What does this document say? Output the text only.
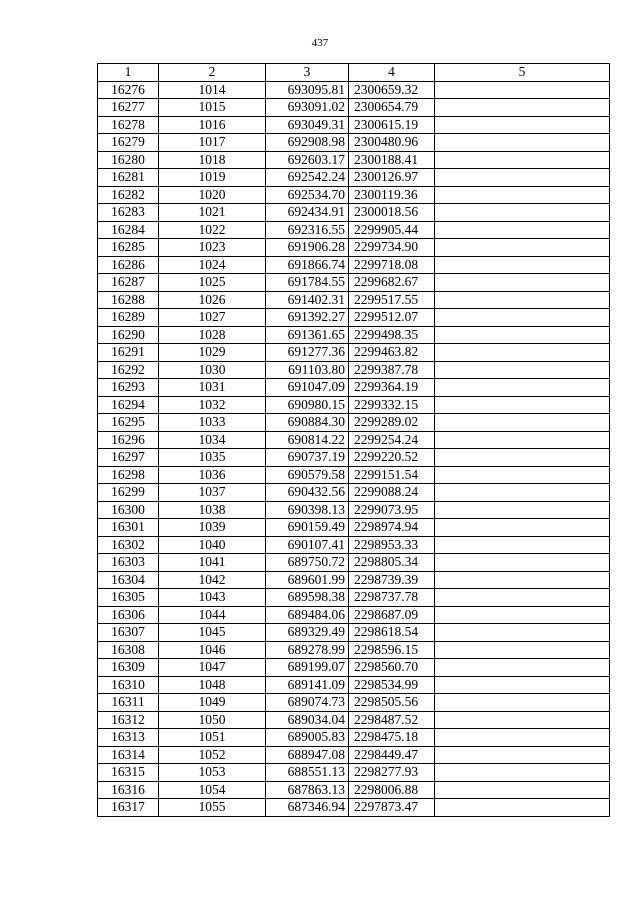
437
1	2	3	4	5
16276	1014	693095.81	2300659.32	
16277	1015	693091.02	2300654.79	
16278	1016	693049.31	2300615.19	
16279	1017	692908.98	2300480.96	
16280	1018	692603.17	2300188.41	
16281	1019	692542.24	2300126.97	
16282	1020	692534.70	2300119.36	
16283	1021	692434.91	2300018.56	
16284	1022	692316.55	2299905.44	
16285	1023	691906.28	2299734.90	
16286	1024	691866.74	2299718.08	
16287	1025	691784.55	2299682.67	
16288	1026	691402.31	2299517.55	
16289	1027	691392.27	2299512.07	
16290	1028	691361.65	2299498.35	
16291	1029	691277.36	2299463.82	
16292	1030	691103.80	2299387.78	
16293	1031	691047.09	2299364.19	
16294	1032	690980.15	2299332.15	
16295	1033	690884.30	2299289.02	
16296	1034	690814.22	2299254.24	
16297	1035	690737.19	2299220.52	
16298	1036	690579.58	2299151.54	
16299	1037	690432.56	2299088.24	
16300	1038	690398.13	2299073.95	
16301	1039	690159.49	2298974.94	
16302	1040	690107.41	2298953.33	
16303	1041	689750.72	2298805.34	
16304	1042	689601.99	2298739.39	
16305	1043	689598.38	2298737.78	
16306	1044	689484.06	2298687.09	
16307	1045	689329.49	2298618.54	
16308	1046	689278.99	2298596.15	
16309	1047	689199.07	2298560.70	
16310	1048	689141.09	2298534.99	
16311	1049	689074.73	2298505.56	
16312	1050	689034.04	2298487.52	
16313	1051	689005.83	2298475.18	
16314	1052	688947.08	2298449.47	
16315	1053	688551.13	2298277.93	
16316	1054	687863.13	2298006.88	
16317	1055	687346.94	2297873.47	
